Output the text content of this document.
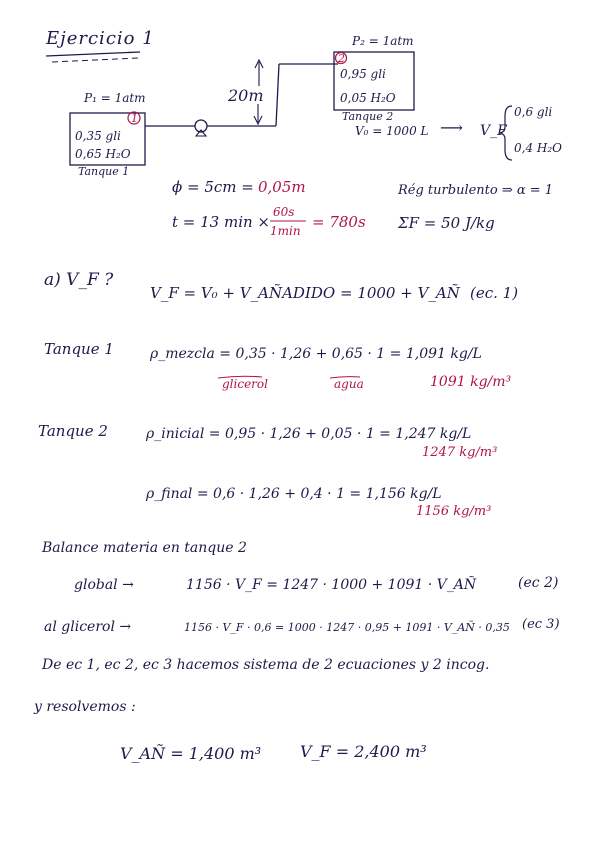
Ejercicio 1
P₁ = 1atm
1
0,35 gli
0,65 H₂O
Tanque 1
20m
P₂ = 1atm
2
0,95 gli
0,05 H₂O
Tanque 2
V₀ = 1000 L ⟶ V_F
0,6 gli
0,4 H₂O
ϕ = 5cm = 0,05m
t = 13 min ×
60s
1min = 780s
Rég turbulento ⇒ α = 1
ΣF = 50 J/kg
a) V_F ?
V_F = V₀ + V_AÑADIDO = 1000 + V_AÑ (ec. 1)
Tanque 1	ρ_mezcla = 0,35 · 1,26 + 0,65 · 1 = 1,091 kg/L
glicerol	agua	1091 kg/m³
Tanque 2	ρ_inicial = 0,95 · 1,26 + 0,05 · 1 = 1,247 kg/L
1247 kg/m³
ρ_final = 0,6 · 1,26 + 0,4 · 1 = 1,156 kg/L
1156 kg/m³
Balance materia en tanque 2
global →	1156 · V_F = 1247 · 1000 + 1091 · V_AÑ	(ec 2)
al glicerol →	1156 · V_F · 0,6 = 1000 · 1247 · 0,95 + 1091 · V_AÑ · 0,35 (ec 3)
De ec 1, ec 2, ec 3 hacemos sistema de 2 ecuaciones y 2 incog.
y resolvemos :
V_AÑ = 1,400 m³ V_F = 2,400 m³
